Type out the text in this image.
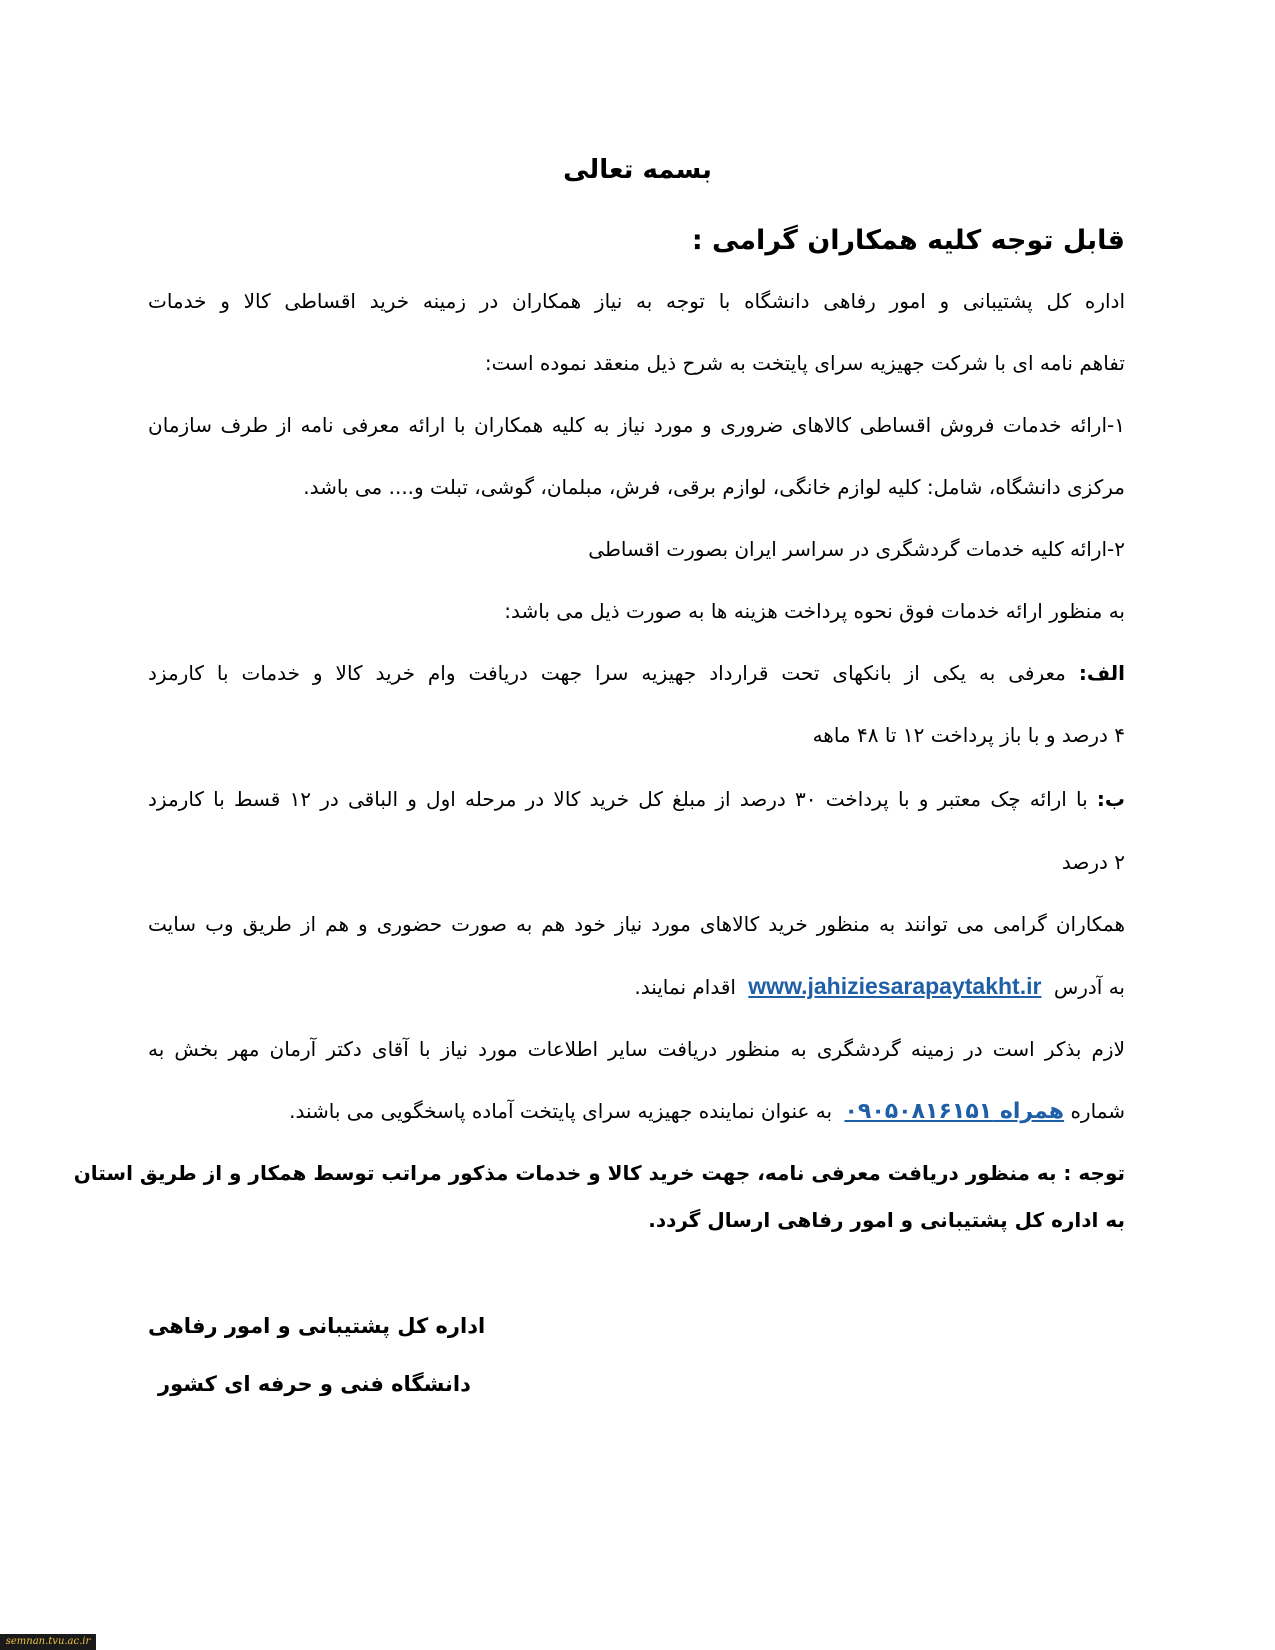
بسمه تعالی
قابل توجه کلیه همکاران گرامی :
اداره کل پشتیبانی و امور رفاهی دانشگاه با توجه به نیاز همکاران در زمینه خرید اقساطی کالا و خدمات
تفاهم نامه ای با شرکت جهیزیه سرای پایتخت به شرح ذیل منعقد نموده است:
۱-ارائه خدمات فروش اقساطی کالاهای ضروری و مورد نیاز به کلیه همکاران با ارائه معرفی نامه از طرف سازمان
مرکزی دانشگاه، شامل: کلیه لوازم خانگی، لوازم برقی، فرش، مبلمان، گوشی، تبلت و.... می باشد.
۲-ارائه کلیه خدمات گردشگری در سراسر ایران بصورت اقساطی
به منظور ارائه خدمات فوق نحوه پرداخت هزینه ها به صورت ذیل می باشد:
الف: معرفی به یکی از بانکهای تحت قرارداد جهیزیه سرا جهت دریافت وام خرید کالا و خدمات با کارمزد
۴ درصد و با باز پرداخت ۱۲ تا ۴۸ ماهه
ب: با ارائه چک معتبر و با پرداخت ۳۰ درصد از مبلغ کل خرید کالا در مرحله اول و الباقی در ۱۲ قسط با کارمزد
۲ درصد
همکاران گرامی می توانند به منظور خرید کالاهای مورد نیاز خود هم به صورت حضوری و هم از طریق وب سایت
به آدرس www.jahiziesarapaytakht.ir اقدام نمایند.
لازم بذکر است در زمینه گردشگری به منظور دریافت سایر اطلاعات مورد نیاز با آقای دکتر آرمان مهر بخش به
شماره همراه ۰۹۰۵۰۸۱۶۱۵۱ به عنوان نماینده جهیزیه سرای پایتخت آماده پاسخگویی می باشند.
توجه : به منظور دریافت معرفی نامه، جهت خرید کالا و خدمات مذکور مراتب توسط همکار و از طریق استان
به اداره کل پشتیبانی و امور رفاهی ارسال گردد.
اداره کل پشتیبانی و امور رفاهی
دانشگاه فنی و حرفه ای کشور
semnan.tvu.ac.ir
